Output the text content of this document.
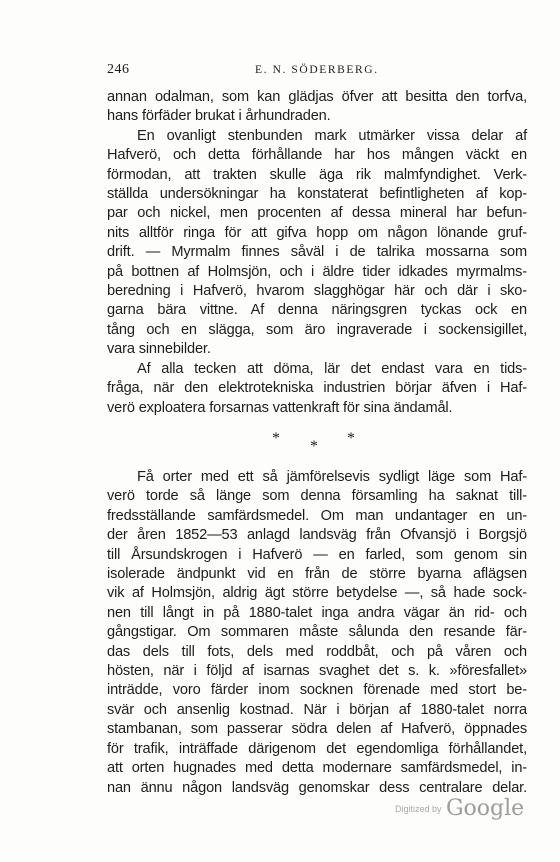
246	E. N. SÖDERBERG.
annan odalman, som kan glädjas öfver att besitta den torfva,
hans förfäder brukat i århundraden.
En ovanligt stenbunden mark utmärker vissa delar af
Hafverö, och detta förhållande har hos mången väckt en
förmodan, att trakten skulle äga rik malmfyndighet. Verk-
ställda undersökningar ha konstaterat befintligheten af kop-
par och nickel, men procenten af dessa mineral har befun-
nits alltför ringa för att gifva hopp om någon lönande gruf-
drift. — Myrmalm finnes såväl i de talrika mossarna som
på bottnen af Holmsjön, och i äldre tider idkades myrmalms-
beredning i Hafverö, hvarom slagghögar här och där i sko-
garna bära vittne. Af denna näringsgren tyckas ock en
tång och en slägga, som äro ingraverade i sockensigillet,
vara sinnebilder.
Af alla tecken att döma, lär det endast vara en tids-
fråga, när den elektrotekniska industrien börjar äfven i Haf-
verö exploatera forsarnas vattenkraft för sina ändamål.
* * *
Få orter med ett så jämförelsevis sydligt läge som Haf-
verö torde så länge som denna församling ha saknat till-
fredsställande samfärdsmedel. Om man undantager en un-
der åren 1852—53 anlagd landsväg från Ofvansjö i Borgsjö
till Årsundskrogen i Hafverö — en farled, som genom sin
isolerade ändpunkt vid en från de större byarna aflägsen
vik af Holmsjön, aldrig ägt större betydelse —, så hade sock-
nen till långt in på 1880-talet inga andra vägar än rid- och
gångstigar. Om sommaren måste sålunda den resande fär-
das dels till fots, dels med roddbåt, och på våren och
hösten, när i följd af isarnas svaghet det s. k. »föresfallet»
inträdde, voro färder inom socknen förenade med stort be-
svär och ansenlig kostnad. När i början af 1880-talet norra
stambanan, som passerar södra delen af Hafverö, öppnades
för trafik, inträffade därigenom det egendomliga förhållandet,
att orten hugnades med detta modernare samfärdsmedel, in-
nan ännu någon landsväg genomskar dess centralare delar.
Digitized by Google
